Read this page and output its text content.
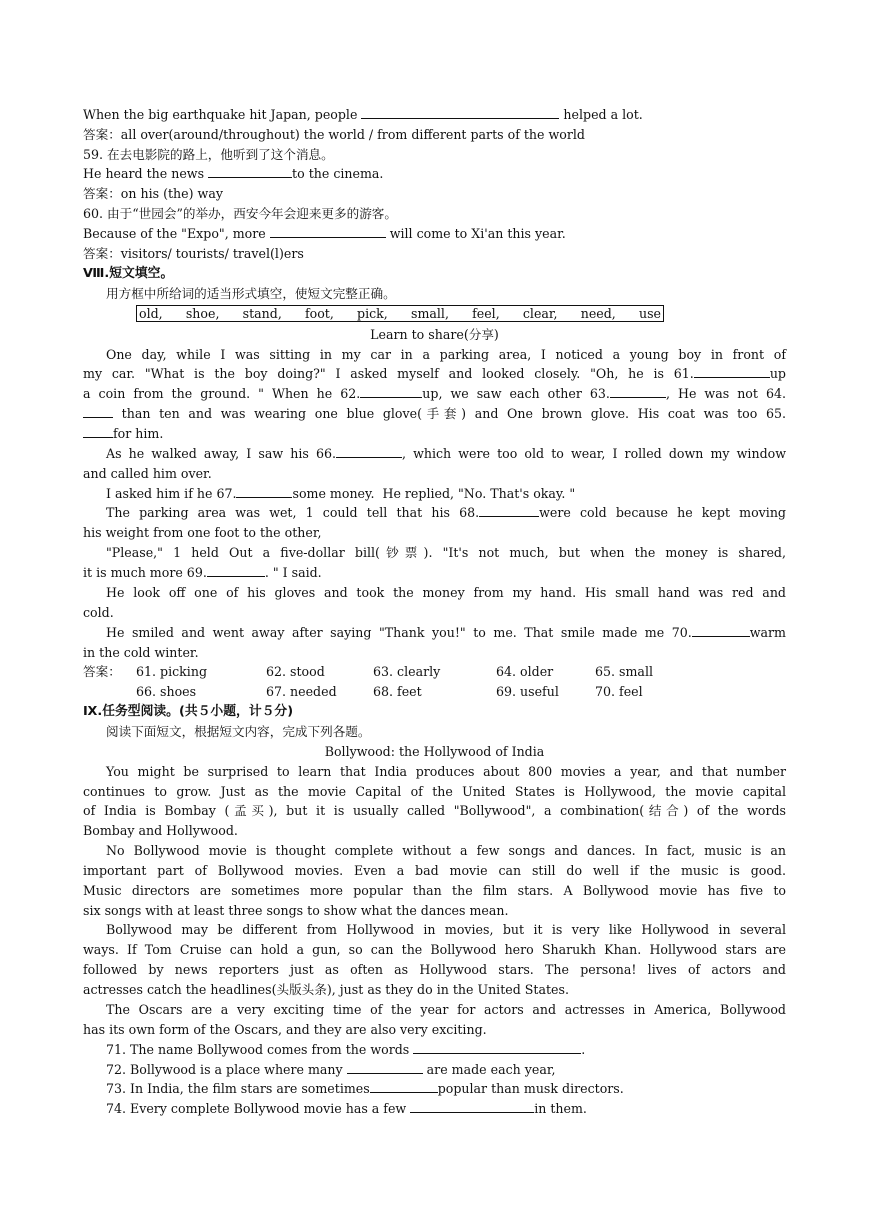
When the big earthquake hit Japan, people	helped a lot.
答案：all over(around/throughout) the world / from different parts of the world
59. 在去电影院的路上，他听到了这个消息。
He heard the news	to the cinema.
答案：on his (the) way
60. 由于“世园会”的举办，西安今年会迎来更多的游客。
Because of the "Expo", more	will come to Xi'an this year.
答案：visitors/ tourists/ travel(l)ers
Ⅷ.短文填空。
用方框中所给词的适当形式填空，使短文完整正确。
old, shoe, stand, foot, pick, small, feel, clear, need, use
Learn to share(分享)
One day, while I was sitting in my car in a parking area, I noticed a young boy in front of
my car. "What is the boy doing?" I asked myself and looked closely. "Oh, he is 61.	up
a coin from the ground. " When he 62.	up, we saw each other 63.	, He was not 64.
than ten and was wearing one blue glove(手套) and One brown glove. His coat was too 65.
for him.
As he walked away, I saw his 66.	, which were too old to wear, I rolled down my window
and called him over.
I asked him if he 67.	some money.  He replied, "No. That's okay. "
The parking area was wet, 1 could tell that his 68.	were cold because he kept moving
his weight from one foot to the other,
"Please," 1 held Out a five-dollar bill(钞票). "It's not much, but when the money is shared,
it is much more 69.	. " I said.
He look off one of his gloves and took the money from my hand. His small hand was red and
cold.
He smiled and went away after saying "Thank you!" to me. That smile made me 70.	warm
in the cold winter.
答案： 61. picking	62. stood	63. clearly	64. older	65. small
66. shoes	67. needed	68. feet	69. useful	70. feel
Ⅸ.任务型阅读。(共５小题，计５分)
阅读下面短文，根据短文内容，完成下列各题。
Bollywood: the Hollywood of India
You might be surprised to learn that India produces about 800 movies a year, and that number
continues to grow. Just as the movie Capital of the United States is Hollywood, the movie capital
of India is Bombay (孟买), but it is usually called "Bollywood", a combination(结合) of the words
Bombay and Hollywood.
No Bollywood movie is thought complete without a few songs and dances. In fact, music is an
important part of Bollywood movies. Even a bad movie can still do well if the music is good.
Music directors are sometimes more popular than the film stars. A Bollywood movie has five to
six songs with at least three songs to show what the dances mean.
Bollywood may be different from Hollywood in movies, but it is very like Hollywood in several
ways. If Tom Cruise can hold a gun, so can the Bollywood hero Sharukh Khan. Hollywood stars are
followed by news reporters just as often as Hollywood stars. The persona! lives of actors and
actresses catch the headlines(头版头条), just as they do in the United States.
The Oscars are a very exciting time of the year for actors and actresses in America, Bollywood
has its own form of the Oscars, and they are also very exciting.
71. The name Bollywood comes from the words	.
72. Bollywood is a place where many	are made each year,
73. In India, the film stars are sometimes	popular than musk directors.
74. Every complete Bollywood movie has a few	in them.
